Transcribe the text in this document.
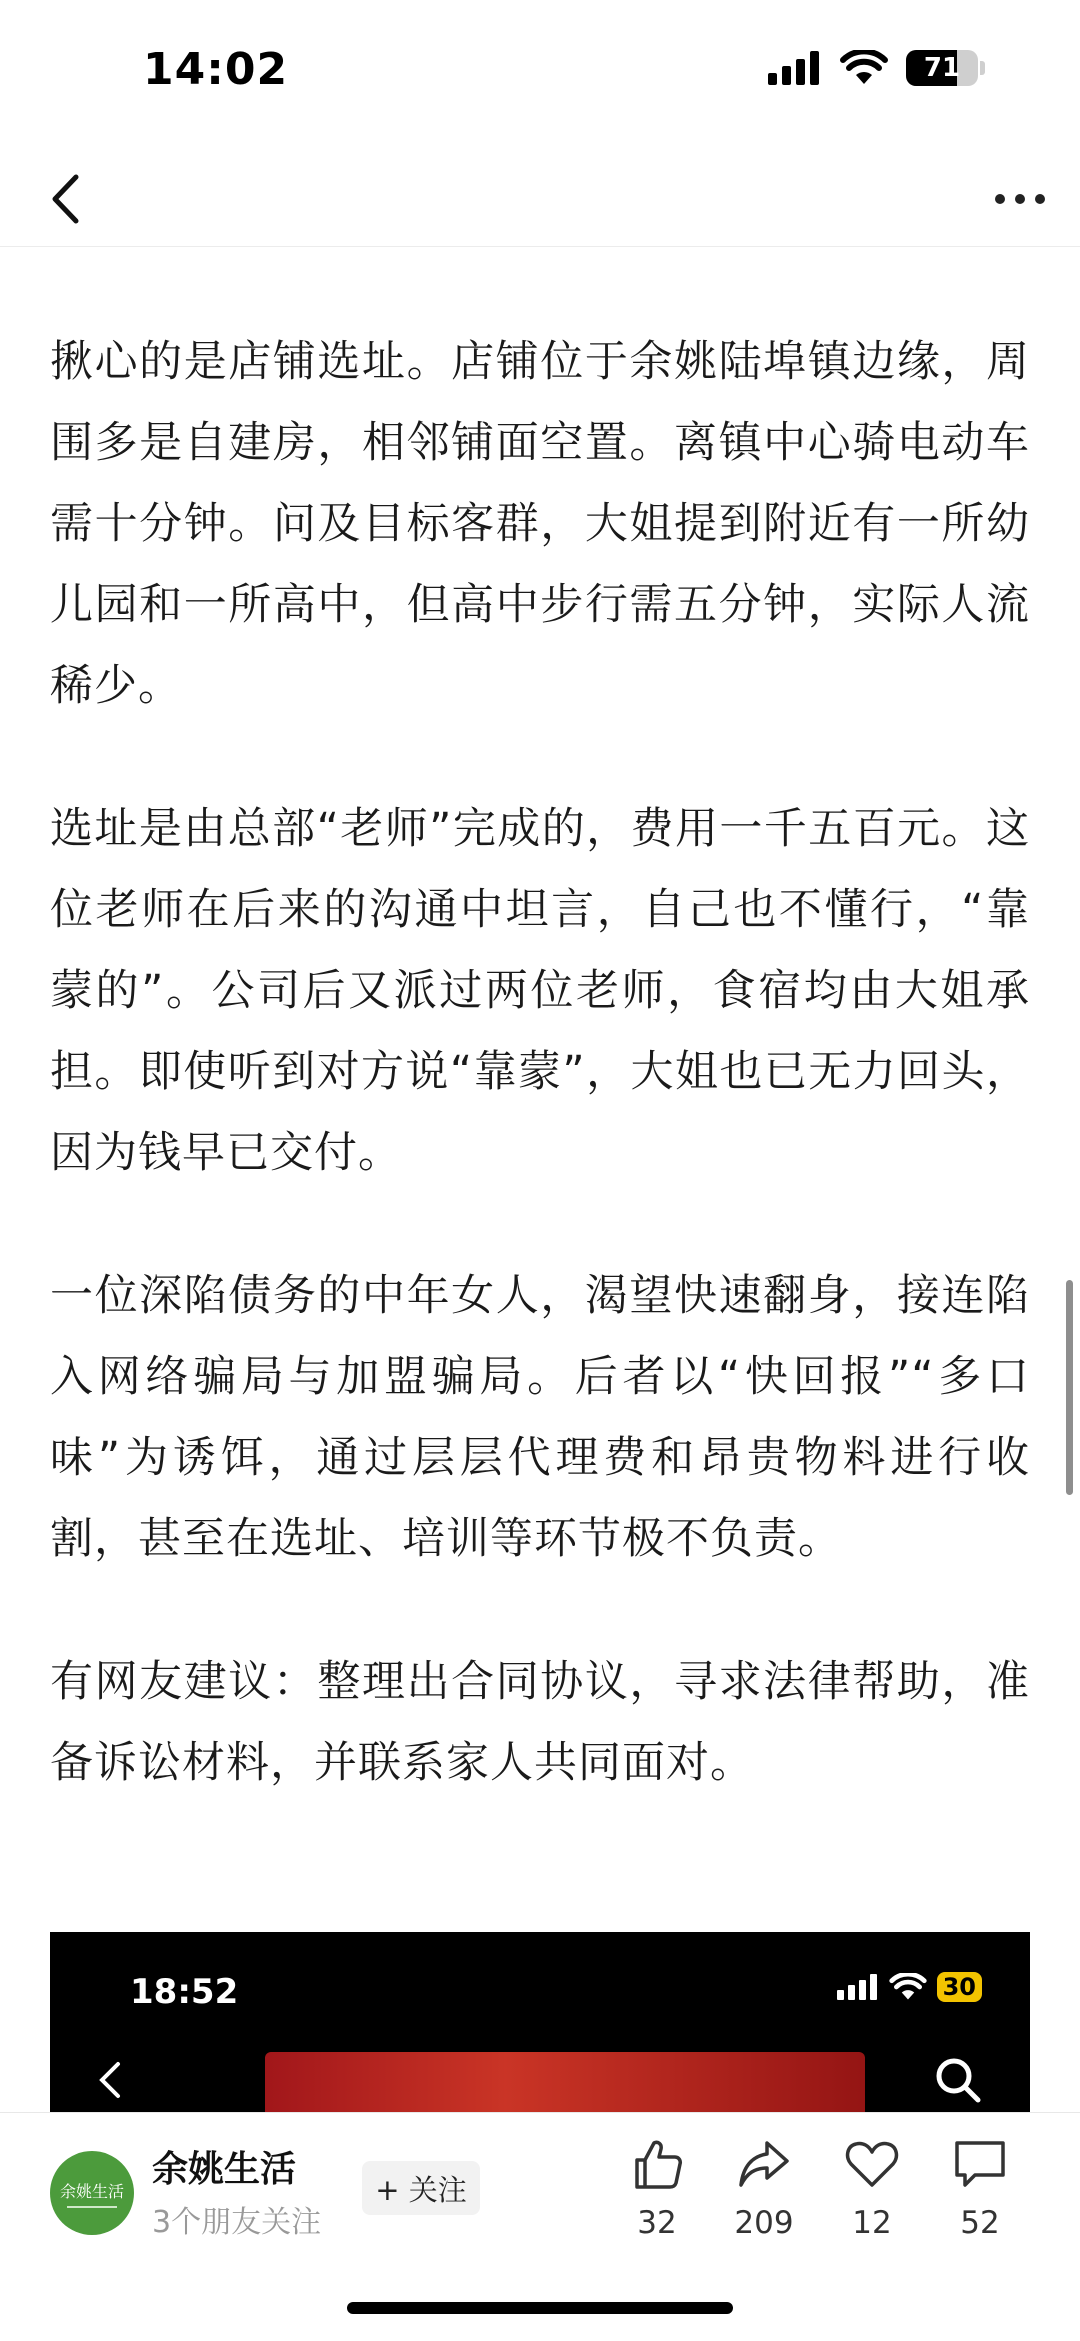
14:02	71

揪心的是店铺选址。店铺位于余姚陆埠镇边缘，周围多是自建房，相邻铺面空置。离镇中心骑电动车需十分钟。问及目标客群，大姐提到附近有一所幼儿园和一所高中，但高中步行需五分钟，实际人流稀少。

选址是由总部“老师”完成的，费用一千五百元。这位老师在后来的沟通中坦言，自己也不懂行，“靠蒙的”。公司后又派过两位老师，食宿均由大姐承担。即使听到对方说“靠蒙”，大姐也已无力回头，因为钱早已交付。

一位深陷债务的中年女人，渴望快速翻身，接连陷入网络骗局与加盟骗局。后者以“快回报”“多口味”为诱饵，通过层层代理费和昂贵物料进行收割，甚至在选址、培训等环节极不负责。

有网友建议：整理出合同协议，寻求法律帮助，准备诉讼材料，并联系家人共同面对。

18:52	30
余姚生活
余姚生活
3个朋友关注
+ 关注
32 209 12 52
